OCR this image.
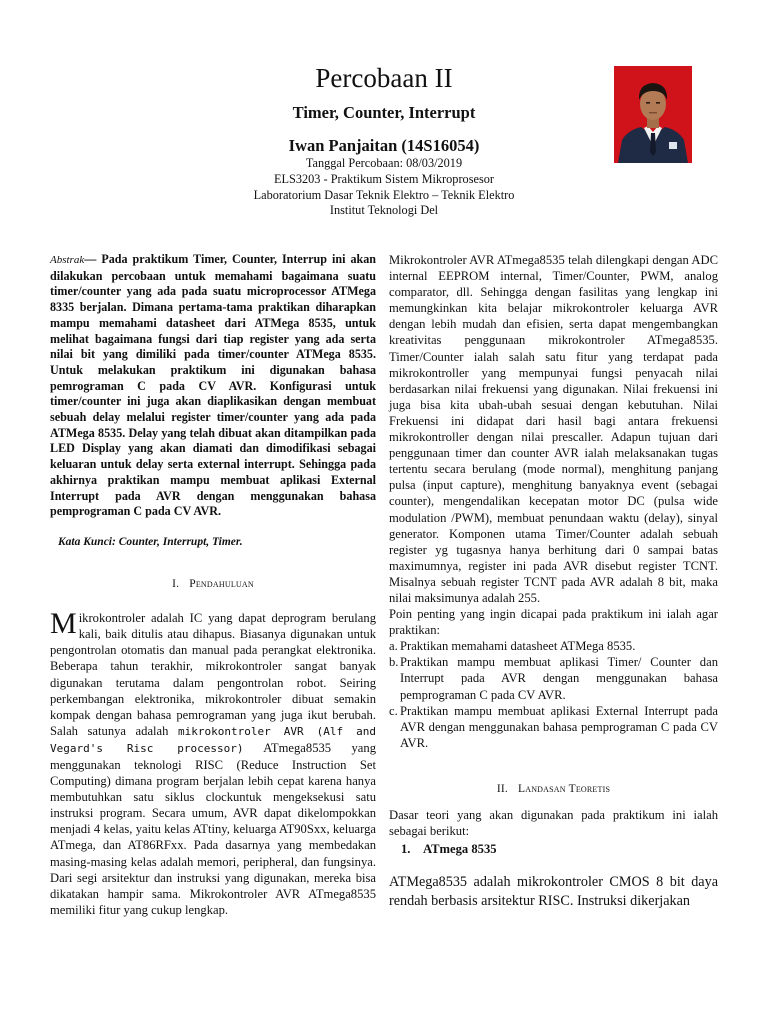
Percobaan II
Timer, Counter, Interrupt
Iwan Panjaitan (14S16054)
Tanggal Percobaan: 08/03/2019
ELS3203 - Praktikum Sistem Mikroprosesor
Laboratorium Dasar Teknik Elektro – Teknik Elektro
Institut Teknologi Del

Abstrak— Pada praktikum Timer, Counter, Interrup ini akan dilakukan percobaan untuk memahami bagaimana suatu timer/counter yang ada pada suatu microprocessor ATMega 8335 berjalan. Dimana pertama-tama praktikan diharapkan mampu memahami datasheet dari ATMega 8535, untuk melihat bagaimana fungsi dari tiap register yang ada serta nilai bit yang dimiliki pada timer/counter ATMega 8535. Untuk melakukan praktikum ini digunakan bahasa pemrograman C pada CV AVR. Konfigurasi untuk timer/counter ini juga akan diaplikasikan dengan membuat sebuah delay melalui register timer/counter yang ada pada ATMega 8535. Delay yang telah dibuat akan ditampilkan pada LED Display yang akan diamati dan dimodifikasi sebagai keluaran untuk delay serta external interrupt. Sehingga pada akhirnya praktikan mampu membuat aplikasi External Interrupt pada AVR dengan menggunakan bahasa pemprograman C pada CV AVR.

Kata Kunci: Counter, Interrupt, Timer.

I. Pendahuluan

Mikrokontroler adalah IC yang dapat deprogram berulang kali, baik ditulis atau dihapus. Biasanya digunakan untuk pengontrolan otomatis dan manual pada perangkat elektronika. Beberapa tahun terakhir, mikrokontroler sangat banyak digunakan terutama dalam pengontrolan robot. Seiring perkembangan elektronika, mikrokontroler dibuat semakin kompak dengan bahasa pemrograman yang juga ikut berubah. Salah satunya adalah mikrokontroler AVR (Alf and Vegard's Risc processor) ATmega8535 yang menggunakan teknologi RISC (Reduce Instruction Set Computing) dimana program berjalan lebih cepat karena hanya membutuhkan satu siklus clockuntuk mengeksekusi satu instruksi program. Secara umum, AVR dapat dikelompokkan menjadi 4 kelas, yaitu kelas ATtiny, keluarga AT90Sxx, keluarga ATmega, dan AT86RFxx. Pada dasarnya yang membedakan masing-masing kelas adalah memori, peripheral, dan fungsinya. Dari segi arsitektur dan instruksi yang digunakan, mereka bisa dikatakan hampir sama. Mikrokontroler AVR ATmega8535 memiliki fitur yang cukup lengkap.

Mikrokontroler AVR ATmega8535 telah dilengkapi dengan ADC internal EEPROM internal, Timer/Counter, PWM, analog comparator, dll. Sehingga dengan fasilitas yang lengkap ini memungkinkan kita belajar mikrokontroler keluarga AVR dengan lebih mudah dan efisien, serta dapat mengembangkan kreativitas penggunaan mikrokontroler ATmega8535. Timer/Counter ialah salah satu fitur yang terdapat pada mikrokontroller yang mempunyai fungsi penyacah nilai berdasarkan nilai frekuensi yang digunakan. Nilai frekuensi ini juga bisa kita ubah-ubah sesuai dengan kebutuhan. Nilai Frekuensi ini didapat dari hasil bagi antara frekuensi mikrokontroller dengan nilai prescaller. Adapun tujuan dari penggunaan timer dan counter AVR ialah melaksanakan tugas tertentu secara berulang (mode normal), menghitung panjang pulsa (input capture), menghitung banyaknya event (sebagai counter), mengendalikan kecepatan motor DC (pulsa wide modulation /PWM), membuat penundaan waktu (delay), sinyal generator. Komponen utama Timer/Counter adalah sebuah register yg tugasnya hanya berhitung dari 0 sampai batas maximumnya, register ini pada AVR disebut register TCNT. Misalnya sebuah register TCNT pada AVR adalah 8 bit, maka nilai maksimunya adalah 255.

Poin penting yang ingin dicapai pada praktikum ini ialah agar praktikan:

a. Praktikan memahami datasheet ATMega 8535.
b. Praktikan mampu membuat aplikasi Timer/ Counter dan Interrupt pada AVR dengan menggunakan bahasa pemprograman C pada CV AVR.
c. Praktikan mampu membuat aplikasi External Interrupt pada AVR dengan menggunakan bahasa pemprograman C pada CV AVR.
II. Landasan Teoretis

Dasar teori yang akan digunakan pada praktikum ini ialah sebagai berikut:

1. ATmega 8535

ATMega8535 adalah mikrokontroler CMOS 8 bit daya rendah berbasis arsitektur RISC. Instruksi dikerjakan
